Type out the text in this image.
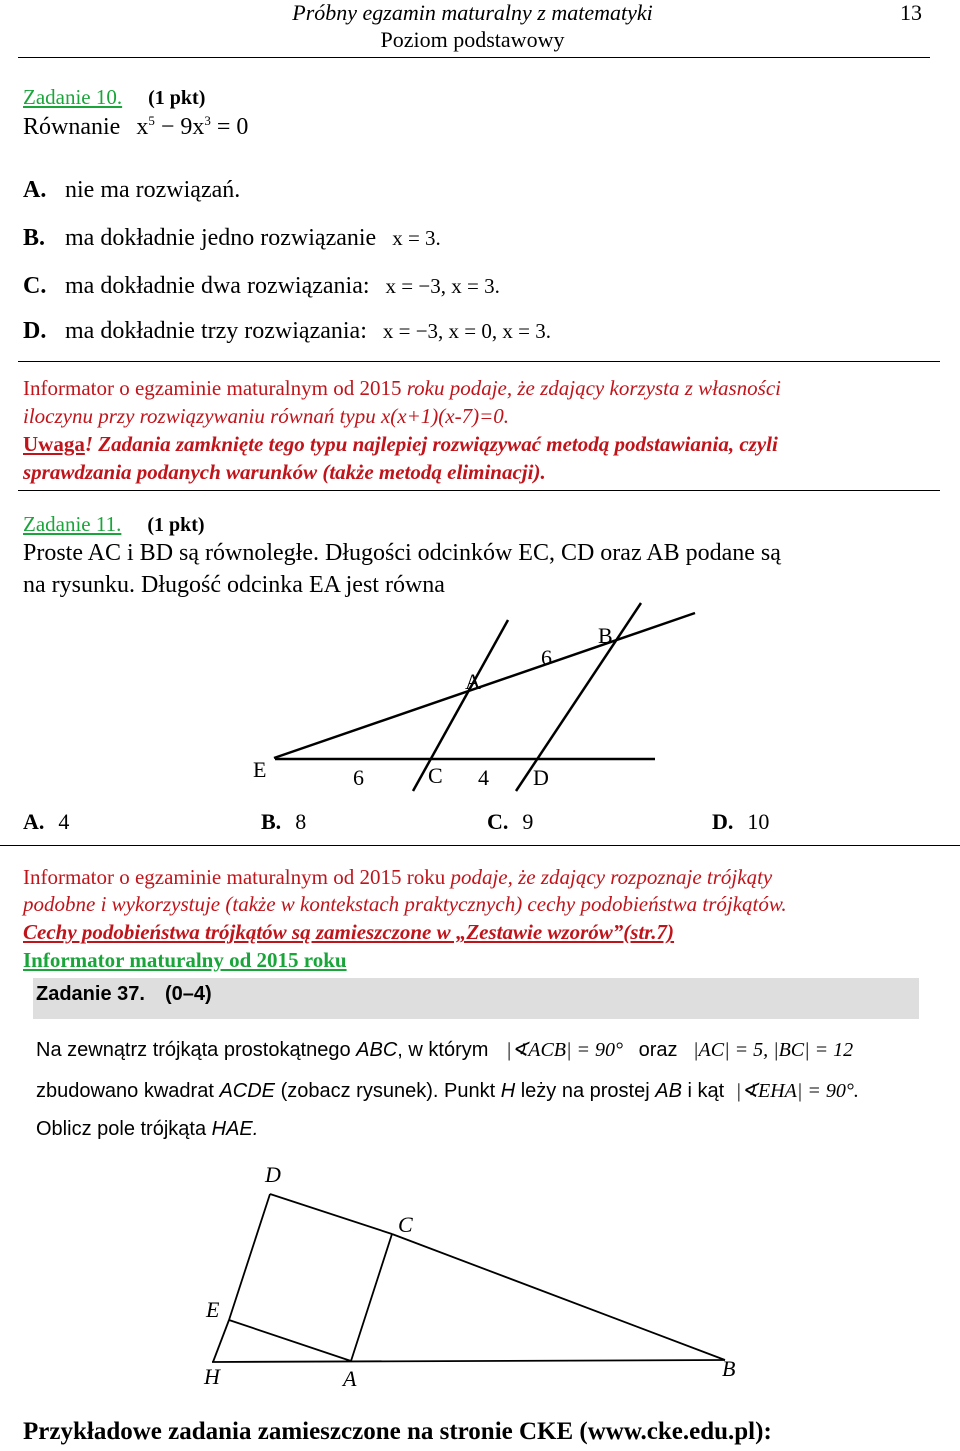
Próbny egzamin maturalny z matematyki
Poziom podstawowy
13
Zadanie 10. (1 pkt)
Równanie $x^5 - 9x^3 = 0$
A. nie ma rozwiązań.
B. ma dokładnie jedno rozwiązanie x = 3.
C. ma dokładnie dwa rozwiązania: x = −3, x = 3.
D. ma dokładnie trzy rozwiązania: x = −3, x = 0, x = 3.
Informator o egzaminie maturalnym od 2015 roku podaje, że zdający korzysta z własności
iloczynu przy rozwiązywaniu równań typu x(x+1)(x-7)=0.
Uwaga! Zadania zamknięte tego typu najlepiej rozwiązywać metodą podstawiania, czyli
sprawdzania podanych warunków (także metodą eliminacji).
Zadanie 11. (1 pkt)
Proste AC i BD są równoległe. Długości odcinków EC, CD oraz AB podane są
na rysunku. Długość odcinka EA jest równa
E	6	C 4 D
A
6
B
A. 4	B. 8	C. 9	D. 10
Informator o egzaminie maturalnym od 2015 roku podaje, że zdający rozpoznaje trójkąty
podobne i wykorzystuje (także w kontekstach praktycznych) cechy podobieństwa trójkątów.
Cechy podobieństwa trójkątów są zamieszczone w „Zestawie wzorów”(str.7)
Informator maturalny od 2015 roku
Zadanie 37. (0–4)
Na zewnątrz trójkąta prostokątnego ABC, w którym |∢ACB| = 90° oraz |AC| = 5, |BC| = 12
zbudowano kwadrat ACDE (zobacz rysunek). Punkt H leży na prostej AB i kąt |∢EHA| = 90°.
Oblicz pole trójkąta HAE.
D
C
E
H	A	B
Przykładowe zadania zamieszczone na stronie CKE (www.cke.edu.pl):
